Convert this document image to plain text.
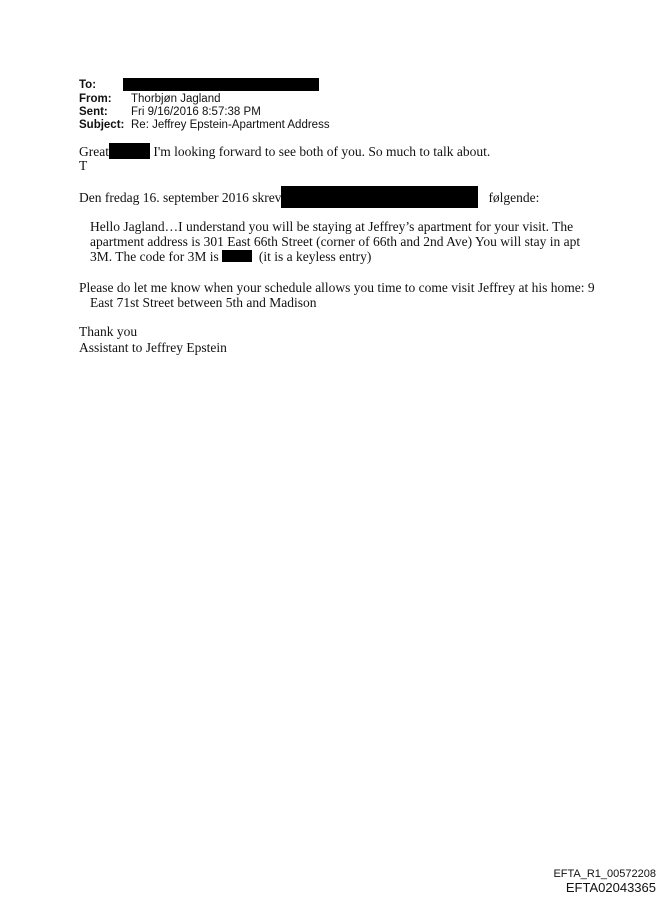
To:
From: Thorbjøn Jagland
Sent: Fri 9/16/2016 8:57:38 PM
Subject: Re: Jeffrey Epstein-Apartment Address
Great	I'm looking forward to see both of you. So much to talk about.
T
Den fredag 16. september 2016 skrev	følgende:
Hello Jagland…I understand you will be staying at Jeffrey’s apartment for your visit. The
apartment address is 301 East 66th Street (corner of 66th and 2nd Ave) You will stay in apt
3M. The code for 3M is	(it is a keyless entry)
Please do let me know when your schedule allows you time to come visit Jeffrey at his home: 9
East 71st Street between 5th and Madison
Thank you
Assistant to Jeffrey Epstein
EFTA_R1_00572208
EFTA02043365
